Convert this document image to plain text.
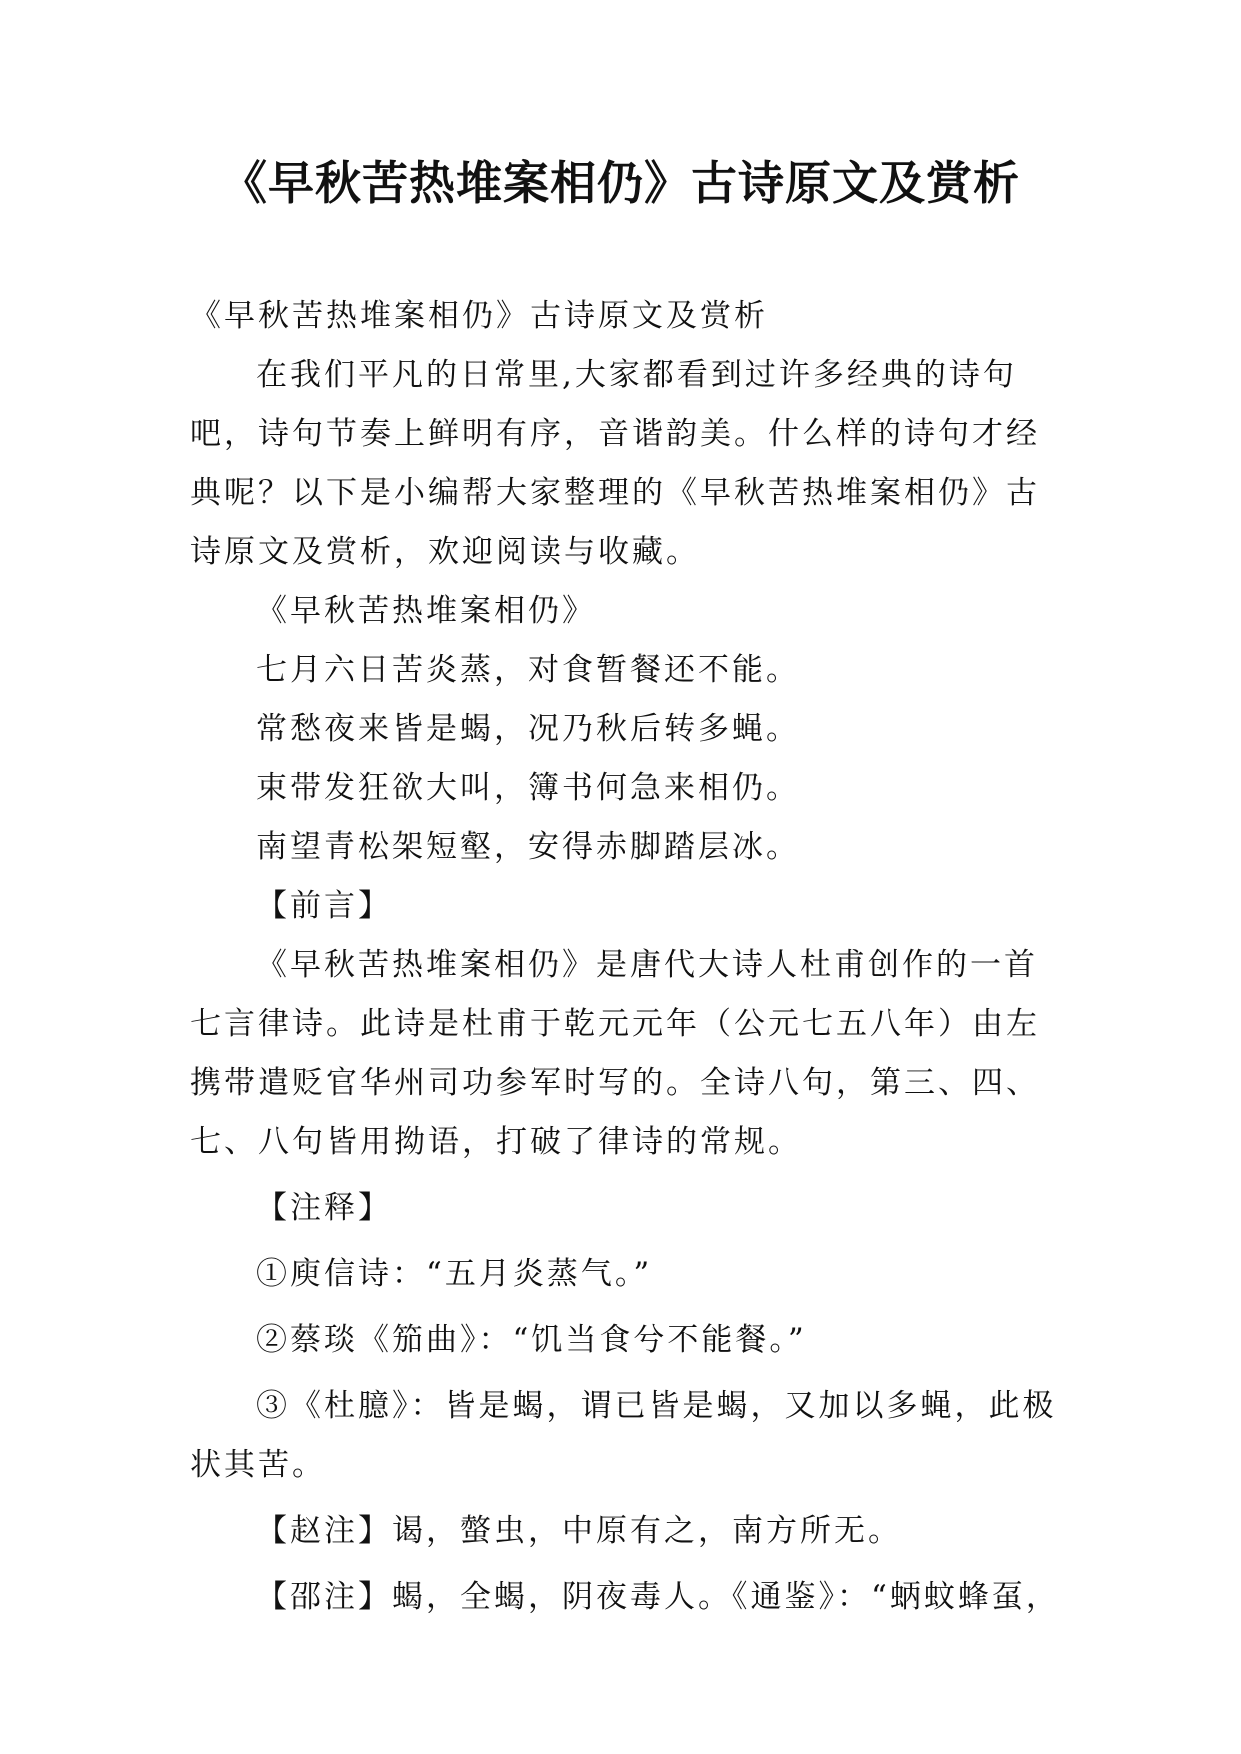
《早秋苦热堆案相仍》古诗原文及赏析

《早秋苦热堆案相仍》古诗原文及赏析

在我们平凡的日常里,大家都看到过许多经典的诗句吧，诗句节奏上鲜明有序，音谐韵美。什么样的诗句才经典呢？以下是小编帮大家整理的《早秋苦热堆案相仍》古诗原文及赏析，欢迎阅读与收藏。

《早秋苦热堆案相仍》

七月六日苦炎蒸，对食暂餐还不能。

常愁夜来皆是蝎，况乃秋后转多蝇。

束带发狂欲大叫，簿书何急来相仍。

南望青松架短壑，安得赤脚踏层冰。

【前言】

《早秋苦热堆案相仍》是唐代大诗人杜甫创作的一首七言律诗。此诗是杜甫于乾元元年（公元七五八年）由左携带遣贬官华州司功参军时写的。全诗八句，第三、四、七、八句皆用拗语，打破了律诗的常规。

【注释】

①庾信诗：“五月炎蒸气。”

②蔡琰《笳曲》：“饥当食兮不能餐。”

③《杜臆》：皆是蝎，谓已皆是蝎，又加以多蝇，此极状其苦。

【赵注】谒，螫虫，中原有之，南方所无。

【邵注】蝎，全蝎，阴夜毒人。《通鉴》：“蛃蚊蜂虿，
